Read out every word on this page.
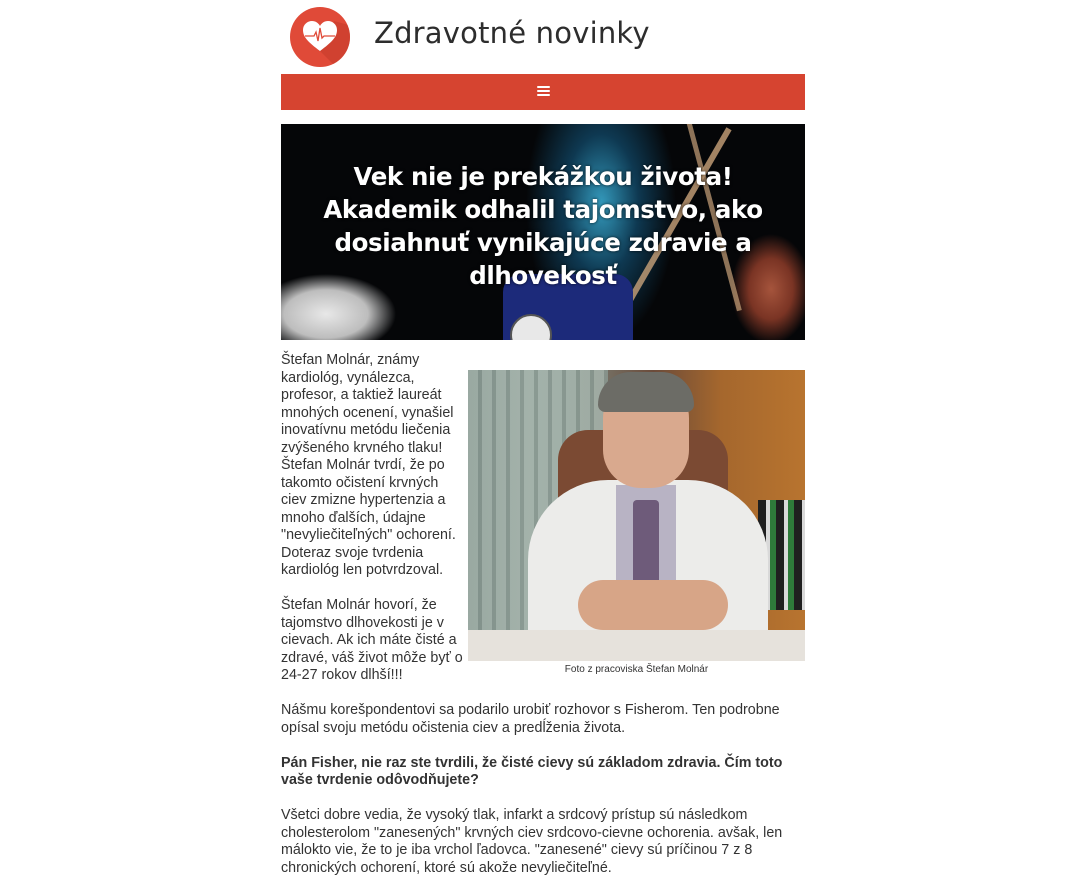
Zdravotné novinky
Vek nie je prekážkou života! Akademik odhalil tajomstvo, ako dosiahnuť vynikajúce zdravie a dlhovekosť

Štefan Molnár, známy kardiológ, vynálezca, profesor, a taktiež laureát mnohých ocenení, vynašiel inovatívnu metódu liečenia zvýšeného krvného tlaku! Štefan Molnár tvrdí, že po takomto očistení krvných ciev zmizne hypertenzia a mnoho ďalších, údajne "nevyliečiteľných" ochorení. Doteraz svoje tvrdenia kardiológ len potvrdzoval.

Štefan Molnár hovorí, že tajomstvo dlhovekosti je v cievach. Ak ich máte čisté a zdravé, váš život môže byť o 24-27 rokov dlhší!!!	Foto z pracoviska Štefan Molnár

Nášmu korešpondentovi sa podarilo urobiť rozhovor s Fisherom. Ten podrobne opísal svoju metódu očistenia ciev a predĺženia života.

Pán Fisher, nie raz ste tvrdili, že čisté cievy sú základom zdravia. Čím toto vaše tvrdenie odôvodňujete?

Všetci dobre vedia, že vysoký tlak, infarkt a srdcový prístup sú následkom cholesterolom "zanesených" krvných ciev srdcovo-cievne ochorenia. avšak, len málokto vie, že to je iba vrchol ľadovca. "zanesené" cievy sú príčinou 7 z 8 chronických ochorení, ktoré sú akože nevyliečiteľné.
